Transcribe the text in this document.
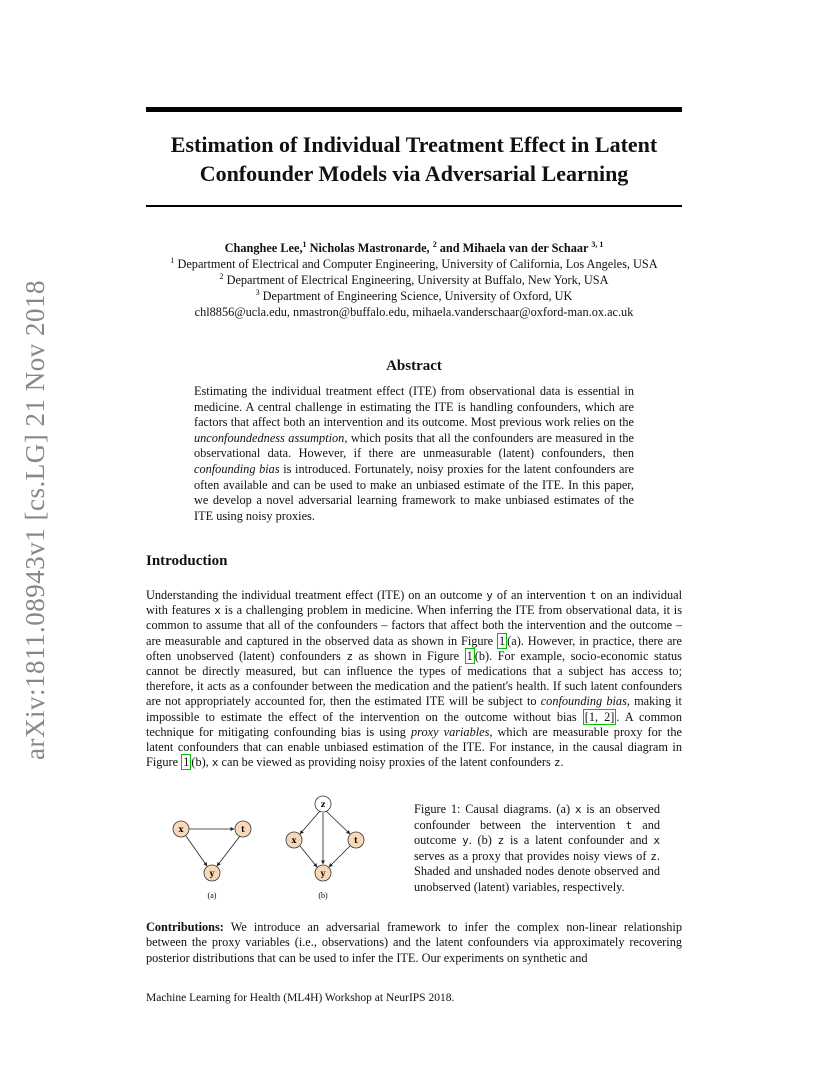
arXiv:1811.08943v1 [cs.LG] 21 Nov 2018
Estimation of Individual Treatment Effect in Latent
Confounder Models via Adversarial Learning
Changhee Lee,$^1$ Nicholas Mastronarde, $^2$ and Mihaela van der Schaar $^{3, 1}$
$^1$ Department of Electrical and Computer Engineering, University of California, Los Angeles, USA
$^2$ Department of Electrical Engineering, University at Buffalo, New York, USA
$^3$ Department of Engineering Science, University of Oxford, UK
chl8856@ucla.edu, nmastron@buffalo.edu, mihaela.vanderschaar@oxford-man.ox.ac.uk
Abstract
Estimating the individual treatment effect (ITE) from observational data is essential in medicine. A central challenge in estimating the ITE is handling confounders, which are factors that affect both an intervention and its outcome. Most previous work relies on the unconfoundedness assumption, which posits that all the confounders are measured in the observational data. However, if there are unmeasurable (latent) confounders, then confounding bias is introduced. Fortunately, noisy proxies for the latent confounders are often available and can be used to make an unbiased estimate of the ITE. In this paper, we develop a novel adversarial learning framework to make unbiased estimates of the ITE using noisy proxies.
Introduction
Understanding the individual treatment effect (ITE) on an outcome y of an intervention t on an individual with features x is a challenging problem in medicine. When inferring the ITE from observational data, it is common to assume that all of the confounders – factors that affect both the intervention and the outcome – are measurable and captured in the observed data as shown in Figure 1 (a). However, in practice, there are often unobserved (latent) confounders z as shown in Figure 1 (b). For example, socio-economic status cannot be directly measured, but can influence the types of medications that a subject has access to; therefore, it acts as a confounder between the medication and the patient's health. If such latent confounders are not appropriately accounted for, then the estimated ITE will be subject to confounding bias, making it impossible to estimate the effect of the intervention on the outcome without bias [1, 2] . A common technique for mitigating confounding bias is using proxy variables, which are measurable proxy for the latent confounders that can enable unbiased estimation of the ITE. For instance, in the causal diagram in Figure 1 (b), x can be viewed as providing noisy proxies of the latent confounders z.
x	t
y
(a)
z
x	t
y
(b)
Figure 1: Causal diagrams. (a) x is an observed confounder between the intervention t and outcome y. (b) z is a latent confounder and x serves as a proxy that provides noisy views of z. Shaded and unshaded nodes denote observed and unobserved (latent) variables, respectively.
Contributions: We introduce an adversarial framework to infer the complex non-linear relationship between the proxy variables (i.e., observations) and the latent confounders via approximately recovering posterior distributions that can be used to infer the ITE. Our experiments on synthetic and
Machine Learning for Health (ML4H) Workshop at NeurIPS 2018.
